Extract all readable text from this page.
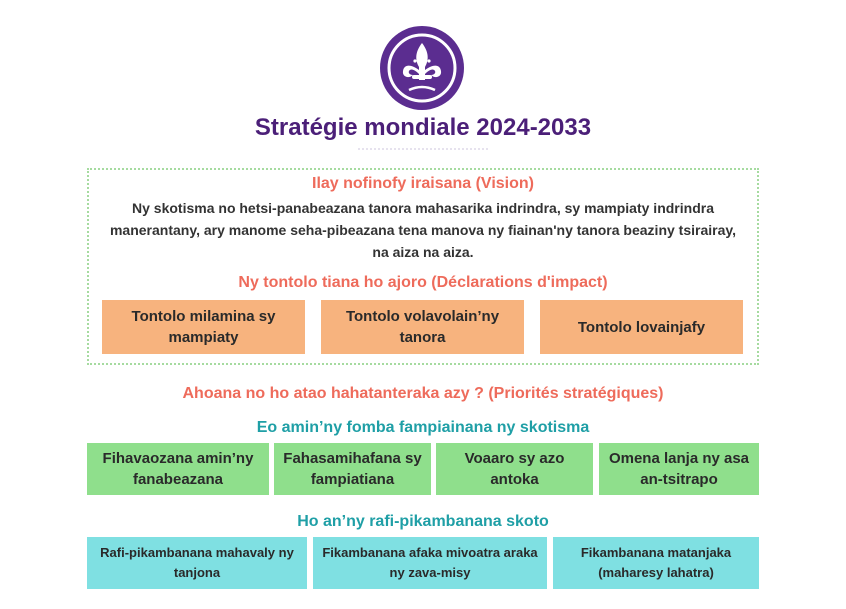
Stratégie mondiale 2024-2033
Ilay nofinofy iraisana (Vision)
Ny skotisma no hetsi-panabeazana tanora mahasarika indrindra, sy mampiaty indrindra manerantany, ary manome seha-pibeazana tena manova ny fiainan'ny tanora beaziny tsirairay, na aiza na aiza.
Ny tontolo tiana ho ajoro (Déclarations d'impact)
Tontolo milamina sy mampiaty
Tontolo volavolain’ny tanora
Tontolo lovainjafy
Ahoana no ho atao hahatanteraka azy ? (Priorités stratégiques)
Eo amin’ny fomba fampiainana ny skotisma
Fihavaozana amin’ny fanabeazana
Fahasamihafana sy fampiatiana
Voaaro sy azo antoka
Omena lanja ny asa an-tsitrapo
Ho an’ny rafi-pikambanana skoto
Rafi-pikambanana mahavaly ny tanjona
Fikambanana afaka mivoatra araka ny zava-misy
Fikambanana matanjaka (maharesy lahatra)
